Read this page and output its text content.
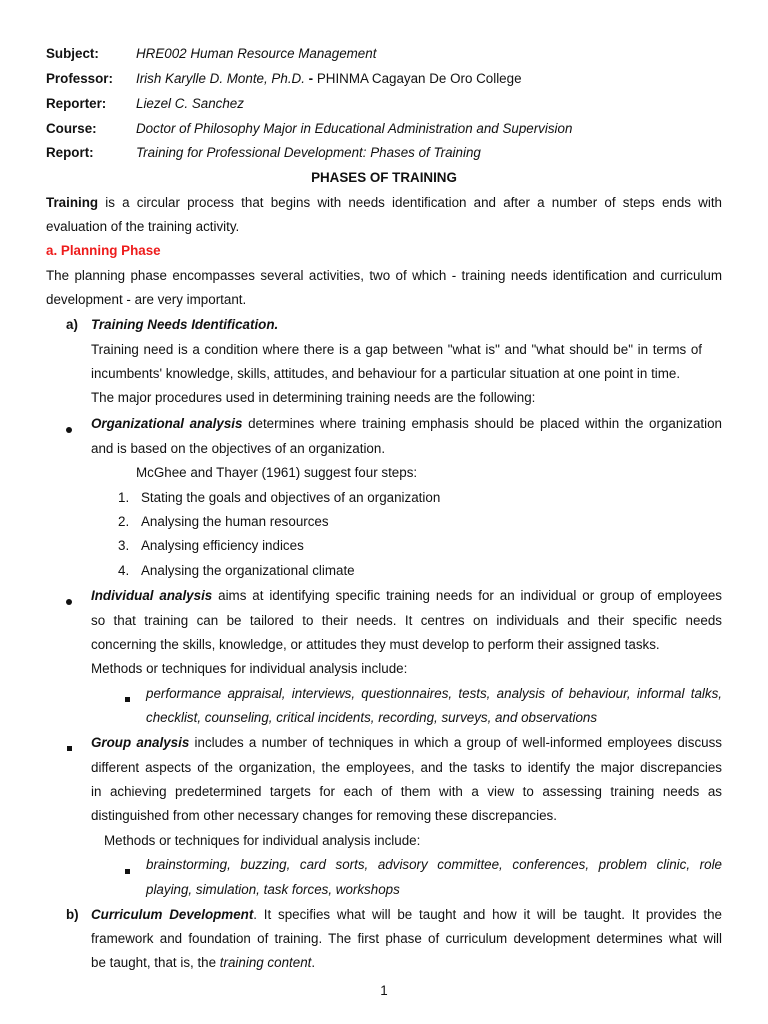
Subject:	HRE002 Human Resource Management
Professor: Irish Karylle D. Monte, Ph.D. - PHINMA Cagayan De Oro College
Reporter: Liezel C. Sanchez
Course:	Doctor of Philosophy Major in Educational Administration and Supervision
Report:	Training for Professional Development: Phases of Training
PHASES OF TRAINING
Training is a circular process that begins with needs identification and after a number of steps ends with
evaluation of the training activity.
a. Planning Phase
The planning phase encompasses several activities, two of which - training needs identification and curriculum
development - are very important.
a) Training Needs Identification.
Training need is a condition where there is a gap between "what is" and "what should be" in terms of
incumbents' knowledge, skills, attitudes, and behaviour for a particular situation at one point in time.
The major procedures used in determining training needs are the following:
Organizational analysis determines where training emphasis should be placed within the organization
and is based on the objectives of an organization.
McGhee and Thayer (1961) suggest four steps:
1. Stating the goals and objectives of an organization
2. Analysing the human resources
3. Analysing efficiency indices
4. Analysing the organizational climate
Individual analysis aims at identifying specific training needs for an individual or group of employees
so that training can be tailored to their needs. It centres on individuals and their specific needs
concerning the skills, knowledge, or attitudes they must develop to perform their assigned tasks.
Methods or techniques for individual analysis include:
performance appraisal, interviews, questionnaires, tests, analysis of behaviour, informal talks,
checklist, counseling, critical incidents, recording, surveys, and observations
Group analysis includes a number of techniques in which a group of well-informed employees discuss
different aspects of the organization, the employees, and the tasks to identify the major discrepancies
in achieving predetermined targets for each of them with a view to assessing training needs as
distinguished from other necessary changes for removing these discrepancies.
Methods or techniques for individual analysis include:
brainstorming, buzzing, card sorts, advisory committee, conferences, problem clinic, role
playing, simulation, task forces, workshops
b) Curriculum Development. It specifies what will be taught and how it will be taught. It provides the
framework and foundation of training. The first phase of curriculum development determines what will
be taught, that is, the training content.
1
